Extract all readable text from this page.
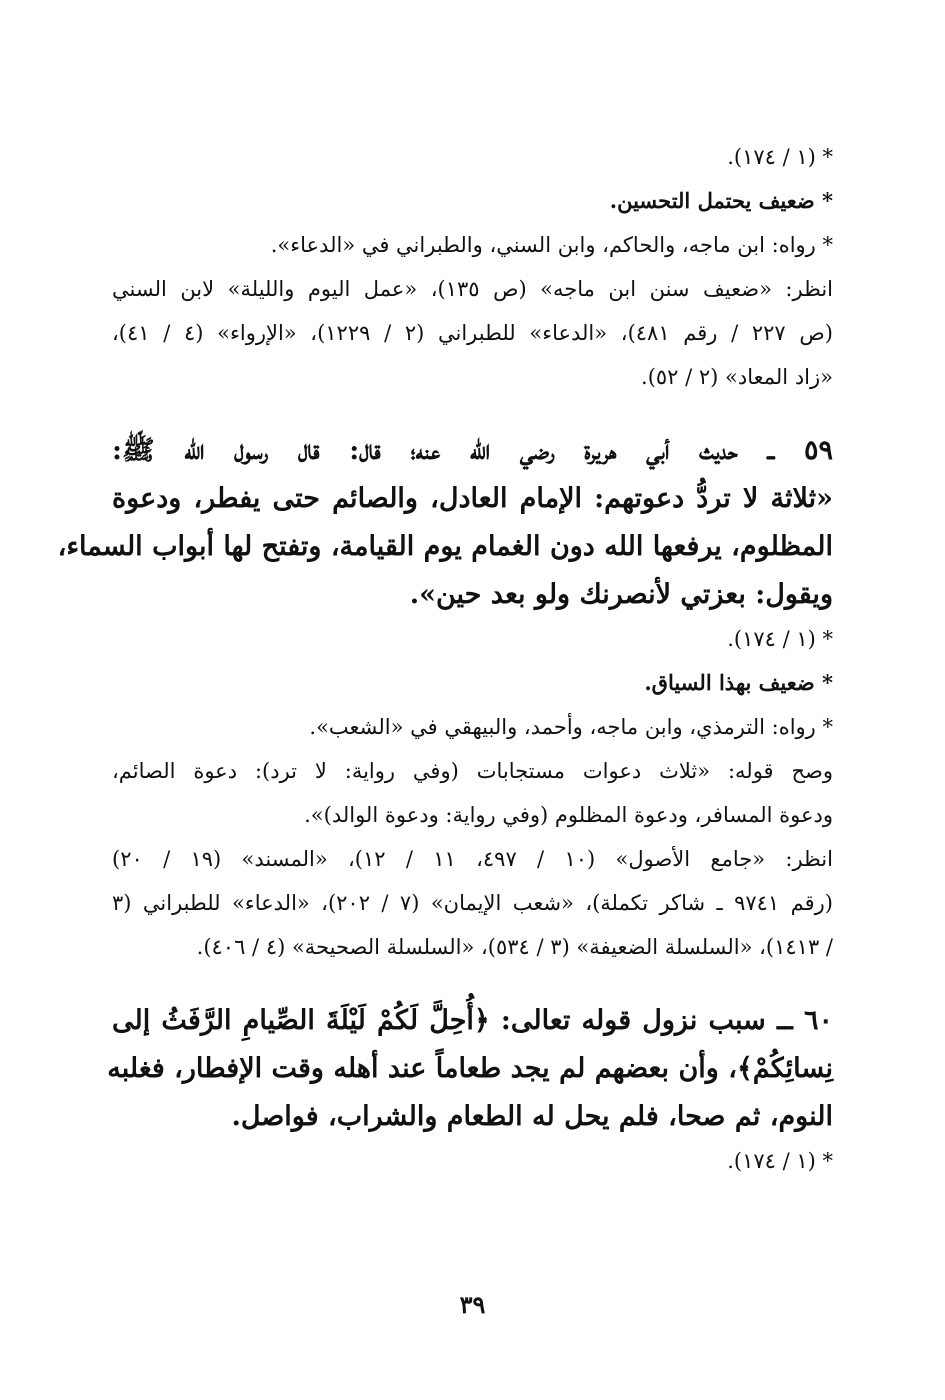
* (١ / ١٧٤).
* ضعيف يحتمل التحسين.
* رواه: ابن ماجه، والحاكم، وابن السني، والطبراني في «الدعاء».
انظر: «ضعيف سنن ابن ماجه» (ص ١٣٥)، «عمل اليوم والليلة» لابن السني
(ص ٢٢٧ / رقم ٤٨١)، «الدعاء» للطبراني (٢ / ١٢٢٩)، «الإرواء» (٤ / ٤١)،
«زاد المعاد» (٢ / ٥٢).
٥٩ ــ حديث أبي هريرة رضي الله عنه؛ قال: قال رسول الله ﷺ:
«ثلاثة لا تردُّ دعوتهم: الإمام العادل، والصائم حتى يفطر، ودعوة
المظلوم، يرفعها الله دون الغمام يوم القيامة، وتفتح لها أبواب السماء،
ويقول: بعزتي لأنصرنك ولو بعد حين».
* (١ / ١٧٤).
* ضعيف بهذا السياق.
* رواه: الترمذي، وابن ماجه، وأحمد، والبيهقي في «الشعب».
وصح قوله: «ثلاث دعوات مستجابات (وفي رواية: لا ترد): دعوة الصائم،
ودعوة المسافر، ودعوة المظلوم (وفي رواية: ودعوة الوالد)».
انظر: «جامع الأصول» (١٠ / ٤٩٧، ١١ / ١٢)، «المسند» (١٩ / ٢٠)
(رقم ٩٧٤١ ـ شاكر تكملة)، «شعب الإيمان» (٧ / ٢٠٢)، «الدعاء» للطبراني (٣
/ ١٤١٣)، «السلسلة الضعيفة» (٣ / ٥٣٤)، «السلسلة الصحيحة» (٤ / ٤٠٦).
٦٠ ــ سبب نزول قوله تعالى: ﴿أُحِلَّ لَكُمْ لَيْلَةَ الصِّيامِ الرَّفَثُ إلى
نِسائِكُمْ﴾، وأن بعضهم لم يجد طعاماً عند أهله وقت الإفطار، فغلبه
النوم، ثم صحا، فلم يحل له الطعام والشراب، فواصل.
* (١ / ١٧٤).
٣٩
